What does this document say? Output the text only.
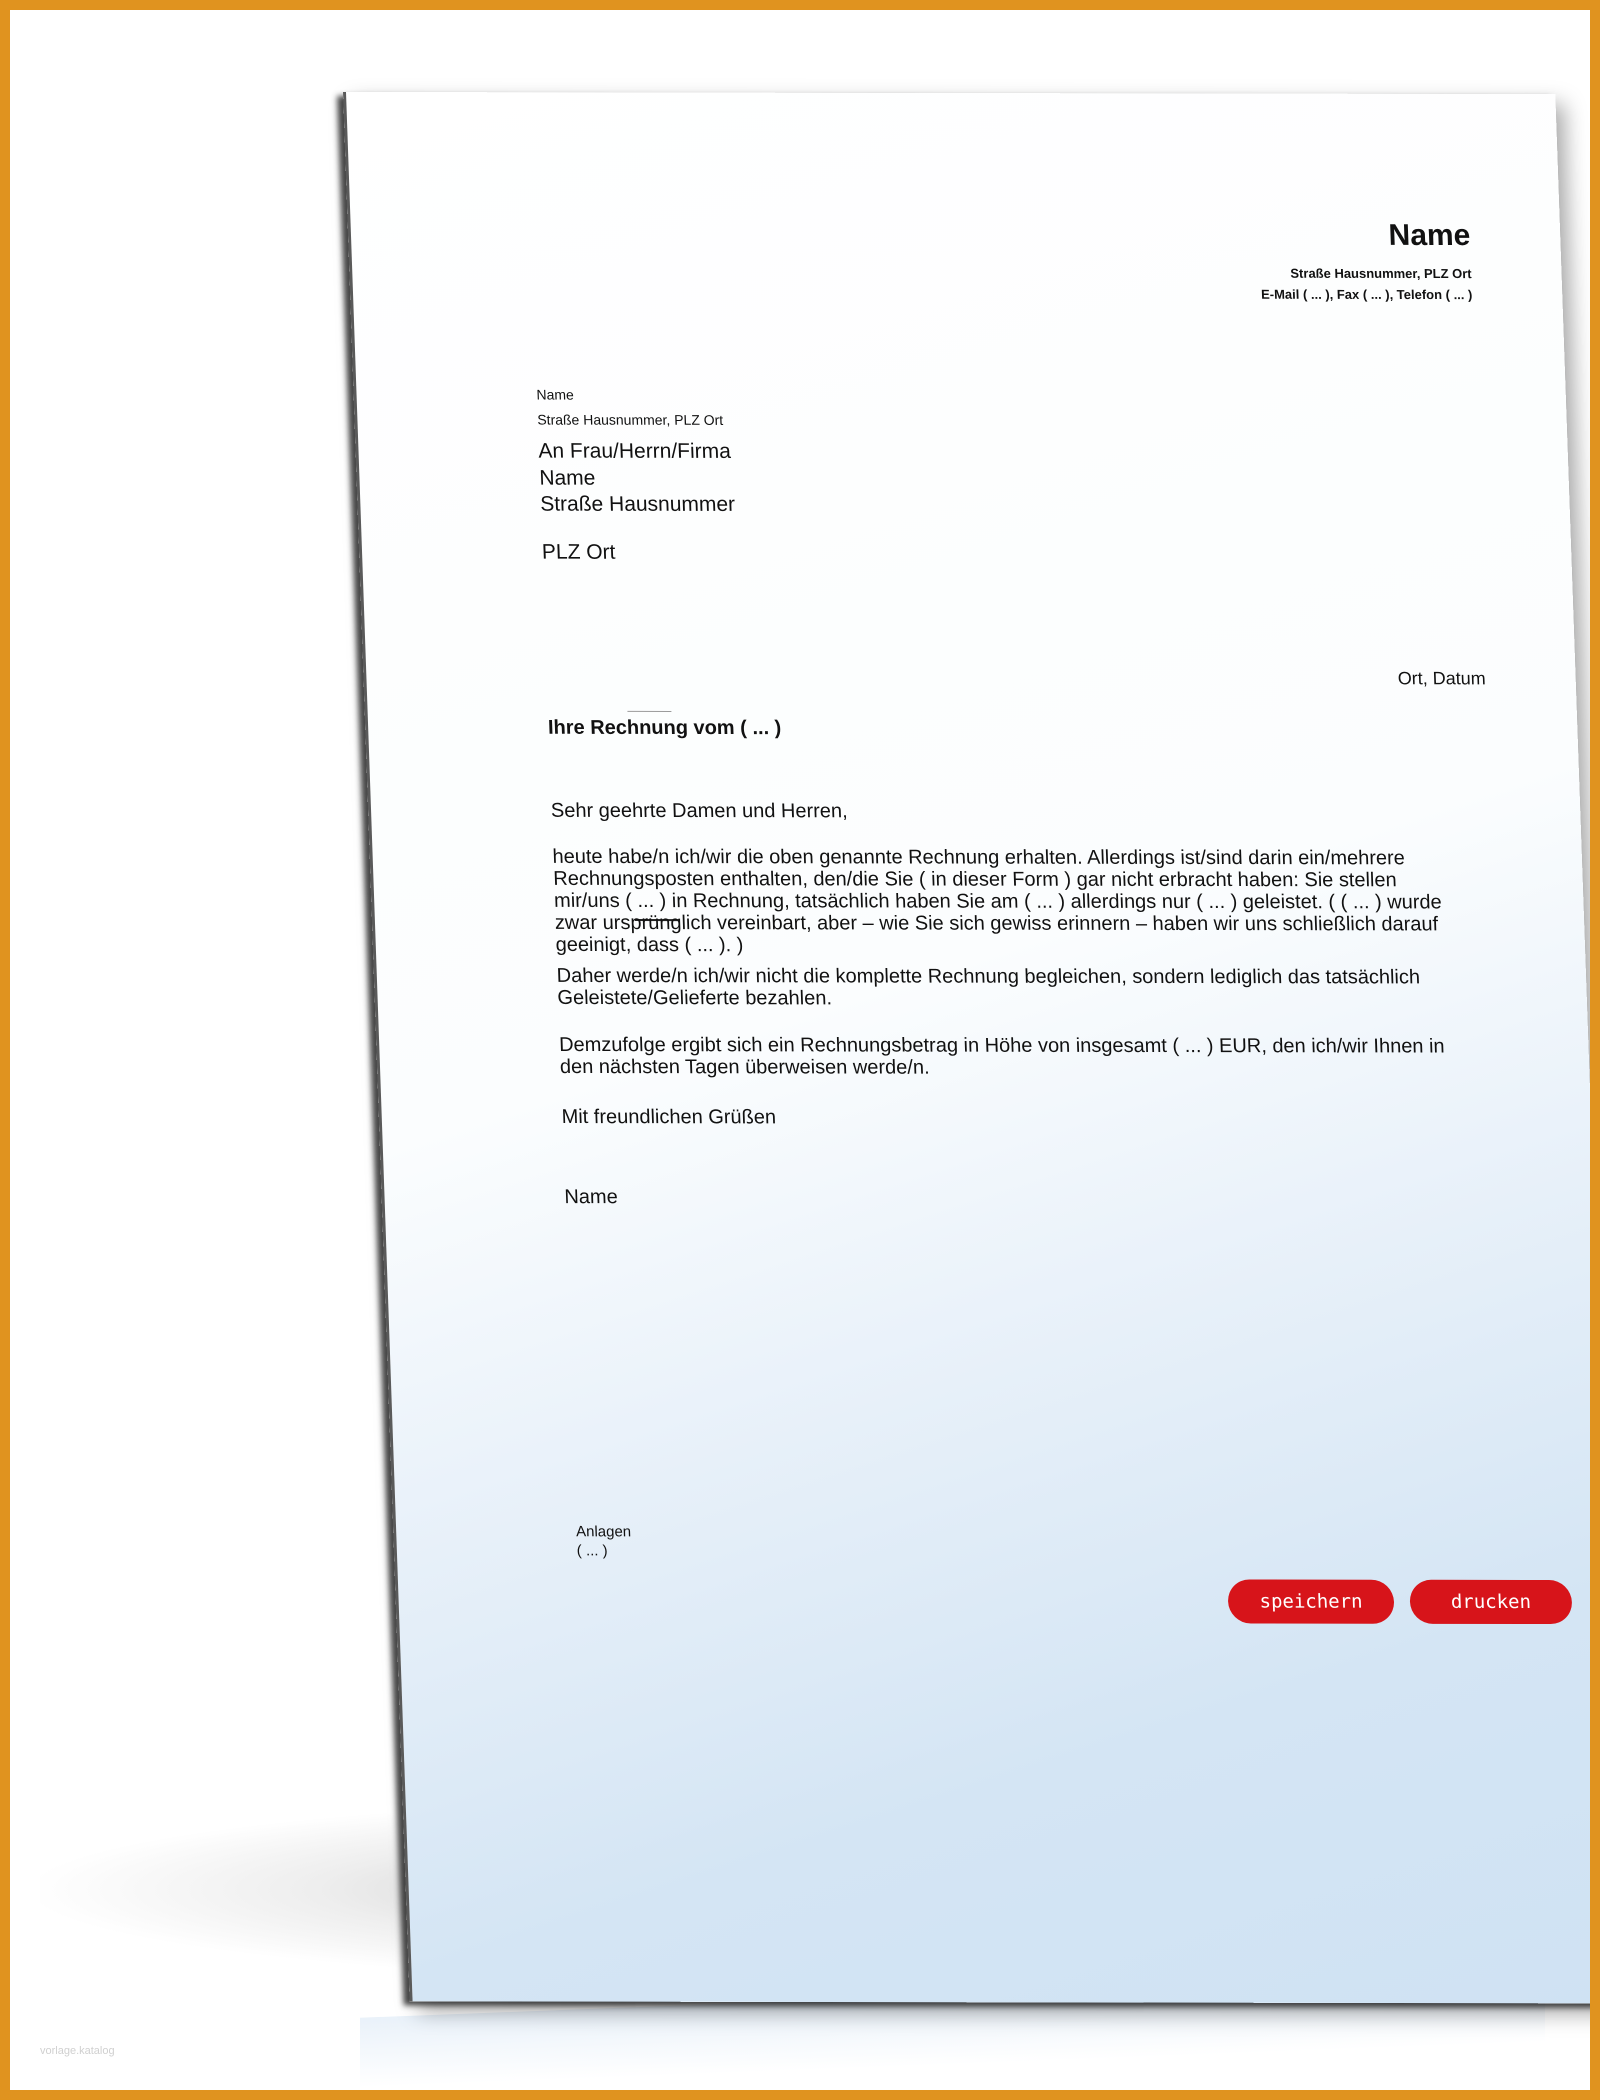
Name
Straße Hausnummer, PLZ Ort
E-Mail ( ... ), Fax ( ... ), Telefon ( ... )
Name
Straße Hausnummer, PLZ Ort
An Frau/Herrn/Firma
Name
Straße Hausnummer
PLZ Ort
Ort, Datum
Ihre Rechnung vom ( ... )
Sehr geehrte Damen und Herren,
heute habe/n ich/wir die oben genannte Rechnung erhalten. Allerdings ist/sind darin ein/mehrere Rechnungsposten enthalten, den/die Sie ( in dieser Form ) gar nicht erbracht haben: Sie stellen mir/uns ( ... ) in Rechnung, tatsächlich haben Sie am ( ... ) allerdings nur ( ... ) geleistet. ( ( ... ) wurde zwar ursprünglich vereinbart, aber – wie Sie sich gewiss erinnern – haben wir uns schließlich darauf geeinigt, dass ( ... ). )
Daher werde/n ich/wir nicht die komplette Rechnung begleichen, sondern lediglich das tatsächlich Geleistete/Gelieferte bezahlen.
Demzufolge ergibt sich ein Rechnungsbetrag in Höhe von insgesamt ( ... ) EUR, den ich/wir Ihnen in den nächsten Tagen überweisen werde/n.
Mit freundlichen Grüßen
Name
Anlagen
( ... )
speichern	drucken
vorlage.katalog
